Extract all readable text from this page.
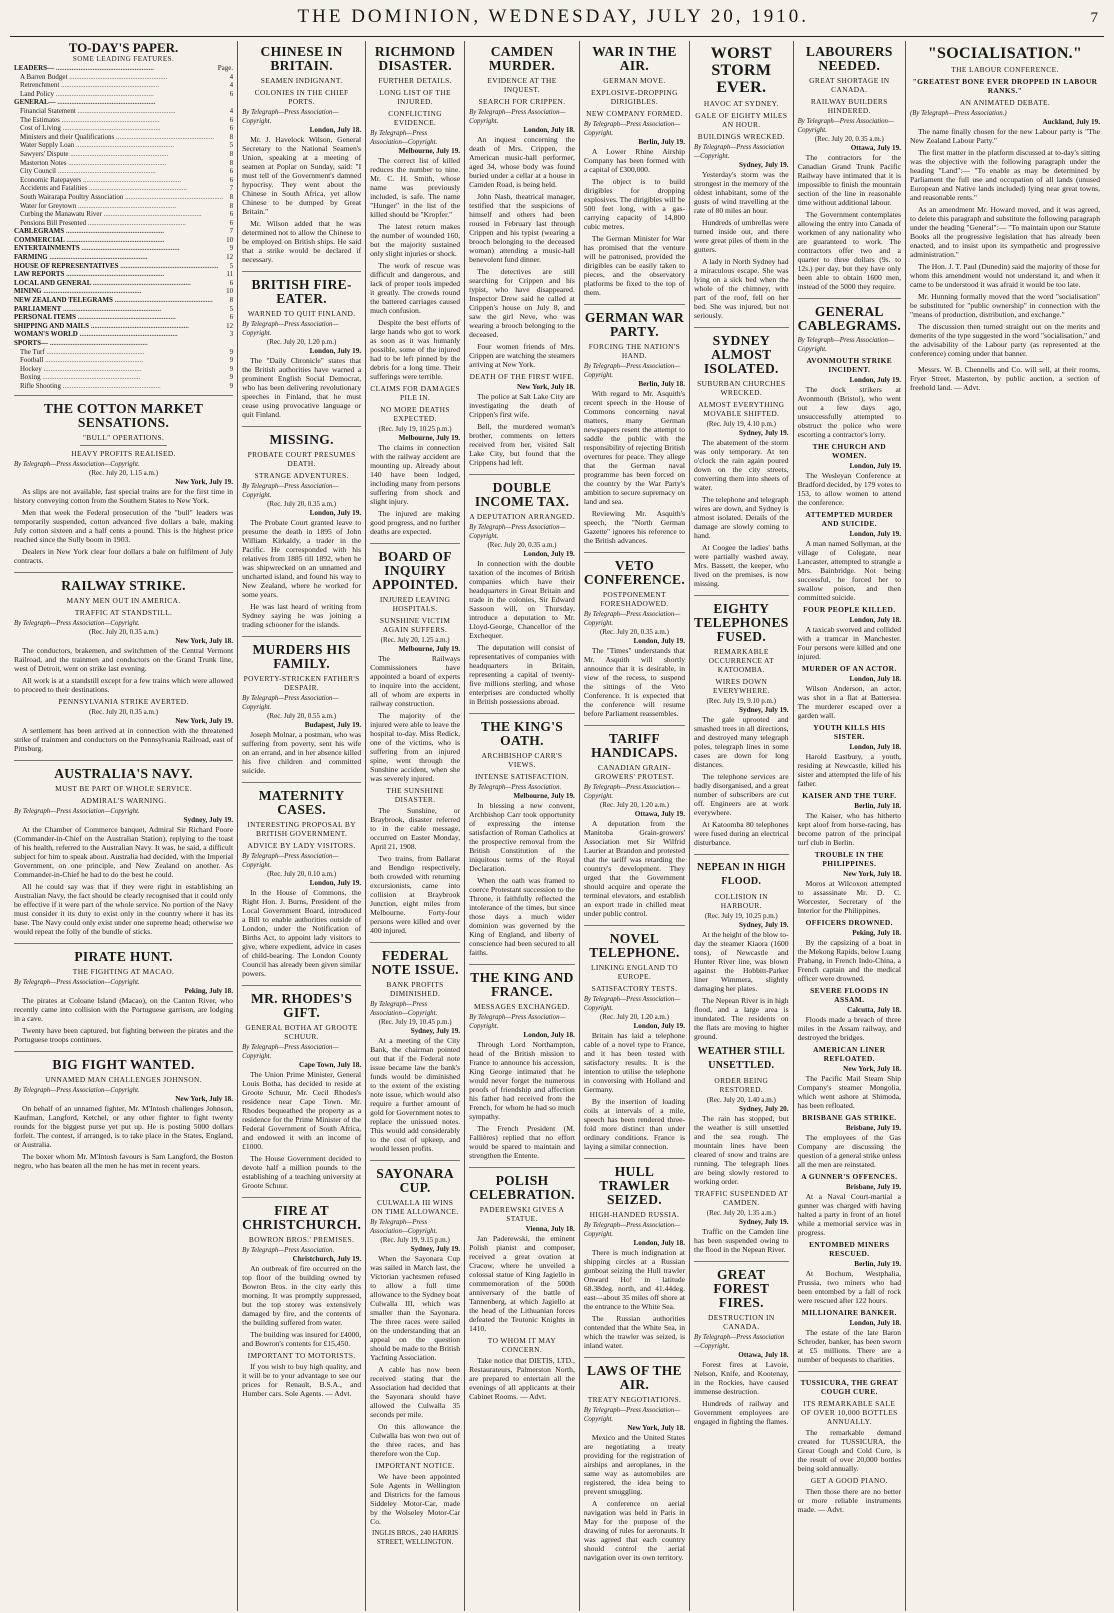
THE DOMINION, WEDNESDAY, JULY 20, 1910.	7
TO-DAY'S PAPER.
SOME LEADING FEATURES.
LEADERS— .....	Page.
A Barren Budget .....	4
Retrenchment .....	4
Land Policy .....	6
GENERAL— .....
Financial Statement .....	4
The Estimates .....	6
Cost of Living .....	6
Ministers and their Qualifications .....	8
Water Supply Loan .....	5
Sawyers' Dispute .....	8
Masterton Notes .....	8
City Council .....	6
Economic Ratepayers .....	6
Accidents and Fatalities .....	7
South Wairarapa Poultry Association .....	8
Water for Greytown .....	8
Curbing the Manawatu River .....	6
Pensions Bill Presented .....	6
CABLEGRAMS .....	7
COMMERCIAL .....	10
ENTERTAINMENTS .....	9
FARMING .....	12
HOUSE OF REPRESENTATIVES .....	5
LAW REPORTS .....	11
LOCAL AND GENERAL .....	6
MINING .....	10
NEW ZEALAND TELEGRAMS .....	8
PARLIAMENT .....	5
PERSONAL ITEMS .....	6
SHIPPING AND MAILS .....	12
WOMAN'S WORLD .....	3
SPORTS— .....
The Turf .....	9
Football .....	9
Hockey .....	9
Boxing .....	9
Rifle Shooting .....	9
THE COTTON MARKET SENSATIONS.
"BULL" OPERATIONS.
HEAVY PROFITS REALISED.
By Telegraph—Press Association—Copyright.
(Rec. July 20, 1.15 a.m.)
New York, July 19.

As slips are not available, fast special trains are for the first time in history conveying cotton from the Southern States to New York.

Men that week the Federal prosecution of the "bull" leaders was temporarily suspended, cotton advanced five dollars a bale, making July cotton sixteen and a half cents a pound. This is the highest price reached since the Sully boom in 1903.

Dealers in New York clear four dollars a bale on fulfilment of July contracts.

RAILWAY STRIKE.
MANY MEN OUT IN AMERICA.
TRAFFIC AT STANDSTILL.
By Telegraph—Press Association—Copyright.
(Rec. July 20, 0.35 a.m.)
New York, July 18.

The conductors, brakemen, and switchmen of the Central Vermont Railroad, and the trainmen and conductors on the Grand Trunk line, west of Detroit, went on strike last evening.

All work is at a standstill except for a few trains which were allowed to proceed to their destinations.

PENNSYLVANIA STRIKE AVERTED.
(Rec. July 20, 0.35 a.m.)
New York, July 19.

A settlement has been arrived at in connection with the threatened strike of trainmen and conductors on the Pennsylvania Railroad, east of Pittsburg.

AUSTRALIA'S NAVY.
MUST BE PART OF WHOLE SERVICE.
ADMIRAL'S WARNING.
By Telegraph—Press Association—Copyright.
Sydney, July 19.

At the Chamber of Commerce banquet, Admiral Sir Richard Poore (Commander-in-Chief on the Australian Station), replying to the toast of his health, referred to the Australian Navy. It was, he said, a difficult subject for him to speak about. Australia had decided, with the Imperial Government, on one principle, and New Zealand on another. As Commander-in-Chief he had to do the best he could.

All he could say was that if they were right in establishing an Australian Navy, the fact should be clearly recognised that it could only be effective if it were part of the whole service. No portion of the Navy must consider it its duty to exist only in the country where it has its base. The Navy could only exist under one supreme head; otherwise we would repeat the folly of the bundle of sticks.

PIRATE HUNT.
THE FIGHTING AT MACAO.
By Telegraph—Press Association—Copyright.
Peking, July 18.

The pirates at Coloane Island (Macao), on the Canton River, who recently came into collision with the Portuguese garrison, are lodging in a cave.

Twenty have been captured, but fighting between the pirates and the Portuguese troops continues.

BIG FIGHT WANTED.
UNNAMED MAN CHALLENGES JOHNSON.
By Telegraph—Press Association—Copyright.
New York, July 18.

On behalf of an unnamed fighter, Mr. M'Intosh challenges Johnson, Kaufman, Langford, Ketchel, or any other fighter to fight twenty rounds for the biggest purse yet put up. He is posting 5000 dollars forfeit. The contest, if arranged, is to take place in the States, England, or Australia.

The boxer whom Mr. M'Intosh favours is Sam Langford, the Boston negro, who has beaten all the men he has met in recent years.

CHINESE IN BRITAIN.
SEAMEN INDIGNANT.
COLONIES IN THE CHIEF PORTS.
By Telegraph—Press Association—Copyright.
London, July 18.

Mr. J. Havelock Wilson, General Secretary to the National Seamen's Union, speaking at a meeting of seamen at Poplar on Sunday, said: "I must tell of the Government's damned hypocrisy. They went about the Chinese in South Africa, yet allow Chinese to be dumped by Great Britain."

Mr. Wilson added that he was determined not to allow the Chinese to be employed on British ships. He said that a strike would be declared if necessary.

BRITISH FIRE-EATER.
WARNED TO QUIT FINLAND.
By Telegraph—Press Association—Copyright.
(Rec. July 20, 1.20 p.m.)
London, July 19.

The "Daily Chronicle" states that the British authorities have warned a prominent English Social Democrat, who has been delivering revolutionary speeches in Finland, that he must cease using provocative language or quit Finland.

MISSING.
PROBATE COURT PRESUMES DEATH.
STRANGE ADVENTURES.
By Telegraph—Press Association—Copyright.
(Rec. July 20, 0.35 a.m.)
London, July 19.

The Probate Court granted leave to presume the death in 1895 of John William Kirkaldy, a trader in the Pacific. He corresponded with his relatives from 1885 till 1892, when he was shipwrecked on an unnamed and uncharted island, and found his way to New Zealand, where he worked for some years.

He was last heard of writing from Sydney saying he was joining a trading schooner for the islands.

MURDERS HIS FAMILY.
POVERTY-STRICKEN FATHER'S DESPAIR.
By Telegraph—Press Association—Copyright.
(Rec. July 20, 0.55 a.m.)
Budapest, July 19.

Joseph Molnar, a postman, who was suffering from poverty, sent his wife on an errand, and in her absence killed his five children and committed suicide.

MATERNITY CASES.
INTERESTING PROPOSAL BY BRITISH GOVERNMENT.
ADVICE BY LADY VISITORS.
By Telegraph—Press Association—Copyright.
(Rec. July 20, 0.10 a.m.)
London, July 19.

In the House of Commons, the Right Hon. J. Burns, President of the Local Government Board, introduced a Bill to enable authorities outside of London, under the Notification of Births Act, to appoint lady visitors to give, where expedient, advice in cases of child-bearing. The London County Council has already been given similar powers.

MR. RHODES'S GIFT.
GENERAL BOTHA AT GROOTE SCHUUR.
By Telegraph—Press Association—Copyright.
Cape Town, July 18.

The Union Prime Minister, General Louis Botha, has decided to reside at Groote Schuur, Mr. Cecil Rhodes's residence near Cape Town. Mr. Rhodes bequeathed the property as a residence for the Prime Minister of the Federal Government of South Africa, and endowed it with an income of £1000.

The House Government decided to devote half a million pounds to the establishing of a teaching university at Groote Schuur.

FIRE AT CHRISTCHURCH.
BOWRON BROS.' PREMISES.
By Telegraph—Press Association.
Christchurch, July 19.

An outbreak of fire occurred on the top floor of the building owned by Bowron Bros. in the city early this morning. It was promptly suppressed, but the top storey was extensively damaged by fire, and the contents of the building suffered from water.

The building was insured for £4000, and Bowron's contents for £15,450.

IMPORTANT TO MOTORISTS.

If you wish to buy high quality, and it will be to your advantage to see our prices for Renault, B.S.A., and Humber cars. Sole Agents. — Advt.

RICHMOND DISASTER.
FURTHER DETAILS.
LONG LIST OF THE INJURED.
CONFLICTING EVIDENCE.
By Telegraph—Press Association—Copyright.
Melbourne, July 19.

The correct list of killed reduces the number to nine. Mr. C. H. Smith, whose name was previously included, is safe. The name "Hunger" in the list of the killed should be "Kropfer."

The latest return makes the number of wounded 160, but the majority sustained only slight injuries or shock.

The work of rescue was difficult and dangerous, and lack of proper tools impeded it greatly. The crowds round the battered carriages caused much confusion.

Despite the best efforts of large hands who got to work as soon as it was humanly possible, some of the injured had to be left pinned by the debris for a long time. Their sufferings were terrible.

CLAIMS FOR DAMAGES PILE IN.
NO MORE DEATHS EXPECTED.
(Rec. July 19, 10.25 p.m.)
Melbourne, July 19.

The claims in connection with the railway accident are mounting up. Already about 140 have been lodged, including many from persons suffering from shock and slight injury.

The injured are making good progress, and no further deaths are expected.

BOARD OF INQUIRY APPOINTED.
INJURED LEAVING HOSPITALS.
SUNSHINE VICTIM AGAIN SUFFERS.
(Rec. July 20, 1.25 a.m.)
Melbourne, July 19.

The Railways Commissioners have appointed a board of experts to inquire into the accident, all of whom are experts in railway construction.

The majority of the injured were able to leave the hospital to-day. Miss Redick, one of the victims, who is suffering from an injured spine, went through the Sunshine accident, when she was severely injured.

THE SUNSHINE DISASTER.

The Sunshine, or Braybrook, disaster referred to in the cable message, occurred on Easter Monday, April 21, 1908.

Two trains, from Ballarat and Bendigo respectively, both crowded with returning excursionists, came into collision at Braybrook Junction, eight miles from Melbourne. Forty-four persons were killed and over 400 injured.

FEDERAL NOTE ISSUE.
BANK PROFITS DIMINISHED.
By Telegraph—Press Association—Copyright.
(Rec. July 19, 10.45 p.m.)
Sydney, July 19.

At a meeting of the City Bank, the chairman pointed out that if the Federal note issue became law the bank's funds would be diminished to the extent of the existing note issue, which would also require a further amount of gold for Government notes to replace the unissued notes. This would add considerably to the cost of upkeep, and would lessen profits.

SAYONARA CUP.
CULWALLA III WINS ON TIME ALLOWANCE.
By Telegraph—Press Association—Copyright.
(Rec. July 19, 9.15 p.m.)
Sydney, July 19.

When the Sayonara Cup was sailed in March last, the Victorian yachtsmen refused to allow a full time allowance to the Sydney boat Culwalla III, which was smaller than the Sayonara. The three races were sailed on the understanding that an appeal on the question should be made to the British Yachting Association.

A cable has now been received stating that the Association had decided that the Sayonara should have allowed the Culwalla 35 seconds per mile.

On this allowance the Culwalla has won two out of the three races, and has therefore won the Cup.

IMPORTANT NOTICE.

We have been appointed Sole Agents in Wellington and Districts for the famous Siddeley Motor-Car, made by the Wolseley Motor-Car Co.

INGLIS BROS., 240 HARRIS STREET, WELLINGTON.
CAMDEN MURDER.
EVIDENCE AT THE INQUEST.
SEARCH FOR CRIPPEN.
By Telegraph—Press Association—Copyright.
London, July 18.

An inquest concerning the death of Mrs. Crippen, the American music-hall performer, aged 34, whose body was found buried under a cellar at a house in Camden Road, is being held.

John Nash, theatrical manager, testified that the suspicions of himself and others had been roused in February last through Crippen and his typist (wearing a brooch belonging to the deceased woman) attending a music-hall benevolent fund dinner.

The detectives are still searching for Crippen and his typist, who have disappeared. Inspector Drew said he called at Crippen's house on July 8, and saw the girl Neve, who was wearing a brooch belonging to the deceased.

Four women friends of Mrs. Crippen are watching the steamers arriving at New York.

DEATH OF THE FIRST WIFE.
New York, July 18.

The police at Salt Lake City are investigating the death of Crippen's first wife.

Bell, the murdered woman's brother, comments on letters received from her, visited Salt Lake City, but found that the Crippens had left.

DOUBLE INCOME TAX.
A DEPUTATION ARRANGED.
By Telegraph—Press Association—Copyright.
(Rec. July 20, 0.35 a.m.)
London, July 19.

In connection with the double taxation of the incomes of British companies which have their headquarters in Great Britain and trade in the colonies, Sir Edward Sassoon will, on Thursday, introduce a deputation to Mr. Lloyd-George, Chancellor of the Exchequer.

The deputation will consist of representatives of companies with headquarters in Britain, representing a capital of twenty-five millions sterling, and whose enterprises are conducted wholly in British possessions abroad.

THE KING'S OATH.
ARCHBISHOP CARR'S VIEWS.
INTENSE SATISFACTION.
By Telegraph—Press Association.
Melbourne, July 19.

In blessing a new convent, Archbishop Carr took opportunity of expressing the intense satisfaction of Roman Catholics at the prospective removal from the British Constitution of the iniquitous terms of the Royal Declaration.

When the oath was framed to coerce Protestant succession to the Throne, it faithfully reflected the intolerance of the times, but since those days a much wider dominion was governed by the King of England, and liberty of conscience had been secured to all faiths.

THE KING AND FRANCE.
MESSAGES EXCHANGED.
By Telegraph—Press Association—Copyright.
London, July 18.

Through Lord Northampton, head of the British mission to France to announce his accession, King George intimated that he would never forget the numerous proofs of friendship and affection his father had received from the French, for whom he had so much sympathy.

The French President (M. Fallières) replied that no effort would be spared to maintain and strengthen the Entente.

POLISH CELEBRATION.
PADEREWSKI GIVES A STATUE.
Vienna, July 18.

Jan Paderewski, the eminent Polish pianist and composer, received a great ovation at Cracow, where he unveiled a colossal statue of King Jagiello in commemoration of the 500th anniversary of the battle of Tannenberg, at which Jagiello at the head of the Lithuanian forces defeated the Teutonic Knights in 1410.

TO WHOM IT MAY CONCERN.

Take notice that DIETIS, LTD., Restaurateurs, Palmerston North, are prepared to entertain all the evenings of all applicants at their Cabinet Rooms. — Advt.

WAR IN THE AIR.
GERMAN MOVE.
EXPLOSIVE-DROPPING DIRIGIBLES.
NEW COMPANY FORMED.
By Telegraph—Press Association—Copyright.
Berlin, July 19.

A Lower Rhine Airship Company has been formed with a capital of £300,000.

The object is to build dirigibles for dropping explosives. The dirigibles will be 500 feet long, with a gas-carrying capacity of 14,800 cubic metres.

The German Minister for War has promised that the venture will be patronised, provided the dirigibles can be easily taken to pieces, and the observatory platforms be fixed to the top of them.

GERMAN WAR PARTY.
FORCING THE NATION'S HAND.
By Telegraph—Press Association—Copyright.
Berlin, July 18.

With regard to Mr. Asquith's recent speech in the House of Commons concerning naval matters, many German newspapers resent the attempt to saddle the public with the responsibility of rejecting British overtures for peace. They allege that the German naval programme has been forced on the country by the War Party's ambition to secure supremacy on land and sea.

Reviewing Mr. Asquith's speech, the "North German Gazette" ignores his reference to the British advances.

VETO CONFERENCE.
POSTPONEMENT FORESHADOWED.
By Telegraph—Press Association—Copyright.
(Rec. July 20, 0.35 a.m.)
London, July 19.

The "Times" understands that Mr. Asquith will shortly announce that it is desirable, in view of the recess, to suspend the sittings of the Veto Conference. It is expected that the conference will resume before Parliament reassembles.

TARIFF HANDICAPS.
CANADIAN GRAIN-GROWERS' PROTEST.
By Telegraph—Press Association—Copyright.
(Rec. July 20, 1.20 a.m.)
Ottawa, July 19.

A deputation from the Manitoba Grain-growers' Association met Sir Wilfrid Laurier at Brandon and protested that the tariff was retarding the country's development. They urged that the Government should acquire and operate the terminal elevators, and establish an export trade in chilled meat under public control.

NOVEL TELEPHONE.
LINKING ENGLAND TO EUROPE.
SATISFACTORY TESTS.
By Telegraph—Press Association—Copyright.
(Rec. July 20, 1.20 a.m.)
London, July 19.

Britain has laid a telephone cable of a novel type to France, and it has been tested with satisfactory results. It is the intention to utilise the telephone in conversing with Holland and Germany.

By the insertion of loading coils at intervals of a mile, speech has been rendered three-fold more distinct than under ordinary conditions. France is laying a similar connection.

HULL TRAWLER SEIZED.
HIGH-HANDED RUSSIA.
By Telegraph—Press Association—Copyright.
London, July 18.

There is much indignation at shipping circles at a Russian gunboat seizing the Hull trawler Onward Ho! in latitude 68.38deg. north, and 41.44deg. east—about 35 miles off shore at the entrance to the White Sea.

The Russian authorities contended that the White Sea, in which the trawler was seized, is inland water.

LAWS OF THE AIR.
TREATY NEGOTIATIONS.
By Telegraph—Press Association—Copyright.
New York, July 18.

Mexico and the United States are negotiating a treaty providing for the registration of airships and aeroplanes, in the same way as automobiles are registered, the idea being to prevent smuggling.

A conference on aerial navigation was held in Paris in May for the purpose of the drawing of rules for aeronauts. It was agreed that each country should control the aerial navigation over its own territory.

WORST STORM EVER.
HAVOC AT SYDNEY.
GALE OF EIGHTY MILES AN HOUR.
BUILDINGS WRECKED.
By Telegraph—Press Association—Copyright.
Sydney, July 19.

Yesterday's storm was the strongest in the memory of the oldest inhabitant, some of the gusts of wind travelling at the rate of 80 miles an hour.

Hundreds of umbrellas were turned inside out, and there were great piles of them in the gutters.

A lady in North Sydney had a miraculous escape. She was lying on a sick bed when the whole of the chimney, with part of the roof, fell on her bed. She was injured, but not seriously.

SYDNEY ALMOST ISOLATED.
SUBURBAN CHURCHES WRECKED.
ALMOST EVERYTHING MOVABLE SHIFTED.
(Rec. July 19, 4.10 p.m.)
Sydney, July 19.

The abatement of the storm was only temporary. At ten o'clock the rain again poured down on the city streets, converting them into sheets of water.

The telephone and telegraph wires are down, and Sydney is almost isolated. Details of the damage are slowly coming to hand.

At Coogee the ladies' baths were partially washed away. Mrs. Bassett, the keeper, who lived on the premises, is now missing.

EIGHTY TELEPHONES FUSED.
REMARKABLE OCCURRENCE AT KATOOMBA.
WIRES DOWN EVERYWHERE.
(Rec. July 19, 9.10 p.m.)
Sydney, July 19.

The gale uprooted and smashed trees in all directions, and destroyed many telegraph poles, telegraph lines in some cases are down for long distances.

The telephone services are badly disorganised, and a great number of subscribers are cut off. Engineers are at work everywhere.

At Katoomba 80 telephones were fused during an electrical disturbance.

NEPEAN IN HIGH FLOOD.
COLLISION IN HARBOUR.
(Rec. July 19, 10.25 p.m.)
Sydney, July 19.

At the height of the blow to-day the steamer Kiaora (1600 tons), of Newcastle and Hunter River line, was blown against the Hobbitt-Parker liner Wimmera, slightly damaging her plates.

The Nepean River is in high flood, and a large area is inundated. The residents on the flats are moving to higher ground.

WEATHER STILL UNSETTLED.
ORDER BEING RESTORED.
(Rec. July 20, 1.40 a.m.)
Sydney, July 20.

The rain has stopped, but the weather is still unsettled and the sea rough. The mountain lines have been cleared of snow and trains are running. The telegraph lines are being slowly restored to working order.

TRAFFIC SUSPENDED AT CAMDEN.
(Rec. July 20, 1.35 a.m.)
Sydney, July 19.

Traffic on the Camden line has been suspended owing to the flood in the Nepean River.

GREAT FOREST FIRES.
DESTRUCTION IN CANADA.
By Telegraph—Press Association—Copyright.
Ottawa, July 18.

Forest fires at Lavoie, Nelson, Knife, and Kootenay, in the Rockies, have caused immense destruction.

Hundreds of railway and Government employees are engaged in fighting the flames.

LABOURERS NEEDED.
GREAT SHORTAGE IN CANADA.
RAILWAY BUILDERS HINDERED.
By Telegraph—Press Association—Copyright.
(Rec. July 20, 0.35 a.m.)
Ottawa, July 19.

The contractors for the Canadian Grand Trunk Pacific Railway have intimated that it is impossible to finish the mountain section of the line in reasonable time without additional labour.

The Government contemplates allowing the entry into Canada of workmen of any nationality who are guaranteed to work. The contractors offer two and a quarter to three dollars (9s. to 12s.) per day, but they have only been able to obtain 1600 men, instead of the 5000 they require.

GENERAL CABLEGRAMS.
By Telegraph—Press Association—Copyright.
AVONMOUTH STRIKE INCIDENT.
London, July 19.

The dock strikers at Avonmouth (Bristol), who went out a few days ago, unsuccessfully attempted to obstruct the police who were escorting a contractor's lorry.

THE CHURCH AND WOMEN.
London, July 19.

The Wesleyan Conference at Bradford decided, by 179 votes to 153, to allow women to attend the conference.

ATTEMPTED MURDER AND SUICIDE.
London, July 19.

A man named Sollyman, at the village of Colegate, near Lancaster, attempted to strangle a Mrs. Bainbridge. Not being successful, he forced her to swallow poison, and then committed suicide.

FOUR PEOPLE KILLED.
London, July 18.

A taxicab swerved and collided with a tramcar in Manchester. Four persons were killed and one injured.

MURDER OF AN ACTOR.
London, July 18.

Wilson Anderson, an actor, was shot in a flat at Battersea. The murderer escaped over a garden wall.

YOUTH KILLS HIS SISTER.
London, July 18.

Harold Eastbury, a youth, residing at Newcastle, killed his sister and attempted the life of his father.

KAISER AND THE TURF.
Berlin, July 18.

The Kaiser, who has hitherto kept aloof from horse-racing, has become patron of the principal turf club in Berlin.

TROUBLE IN THE PHILIPPINES.
New York, July 18.

Moros at Wilcoxon attempted to assassinate Mr. D. C. Worcester, Secretary of the Interior for the Philippines.

OFFICERS DROWNED.
Peking, July 18.

By the capsizing of a boat in the Mekong Rapids, below Luang Prabang, in French Indo-China, a French captain and the medical officer were drowned.

SEVERE FLOODS IN ASSAM.
Calcutta, July 18.

Floods made a breach of three miles in the Assam railway, and destroyed the bridges.

AMERICAN LINER REFLOATED.
New York, July 18.

The Pacific Mail Steam Ship Company's steamer Mongolia, which went ashore at Shimoda, has been refloated.

BRISBANE GAS STRIKE.
Brisbane, July 19.

The employees of the Gas Company are discussing the question of a general strike unless all the men are reinstated.

A GUNNER'S OFFENCES.
Brisbane, July 19.

At a Naval Court-martial a gunner was charged with having halted a party in front of an hotel while a memorial service was in progress.

ENTOMBED MINERS RESCUED.
Berlin, July 19.

At Bochum, Westphalia, Prussia, two miners who had been entombed by a fall of rock were rescued after 122 hours.

MILLIONAIRE BANKER.
London, July 18.

The estate of the late Baron Schroder, banker, has been sworn at £5 millions. There are a number of bequests to charities.

TUSSICURA, THE GREAT COUGH CURE.
ITS REMARKABLE SALE OF OVER 10,000 BOTTLES ANNUALLY.

The remarkable demand created for TUSSICURA, the Great Cough and Cold Cure, is the result of over 20,000 bottles being sold annually.

GET A GOOD PIANO.

Then those there are no better or more reliable instruments made. — Advt.

"SOCIALISATION."
THE LABOUR CONFERENCE.
"GREATEST BONE EVER DROPPED IN LABOUR RANKS."
AN ANIMATED DEBATE.
(By Telegraph—Press Association.)
Auckland, July 19.

The name finally chosen for the new Labour party is "The New Zealand Labour Party."

The first matter in the platform discussed at to-day's sitting was the objective with the following paragraph under the heading "Land":— "To enable as may be determined by Parliament the full use and occupation of all lands (unused European and Native lands included) lying near great towns, and reasonable rents."

As an amendment Mr. Howard moved, and it was agreed, to delete this paragraph and substitute the following paragraph under the heading "General":— "To maintain upon our Statute Books all the progressive legislation that has already been enacted, and to insist upon its sympathetic and progressive administration."

The Hon. J. T. Paul (Dunedin) said the majority of those for whom this amendment would not understand it, and when it came to be understood it was afraid it would be too late.

Mr. Hunning formally moved that the word "socialisation" be substituted for "public ownership" in connection with the "means of production, distribution, and exchange."

The discussion then turned straight out on the merits and demerits of the type suggested in the word "socialisation," and the advisability of the Labour party (as represented at the conference) coming under that banner.

Messrs. W. B. Chennells and Co. will sell, at their rooms, Fryer Street, Masterton, by public auction, a section of freehold land. — Advt.
